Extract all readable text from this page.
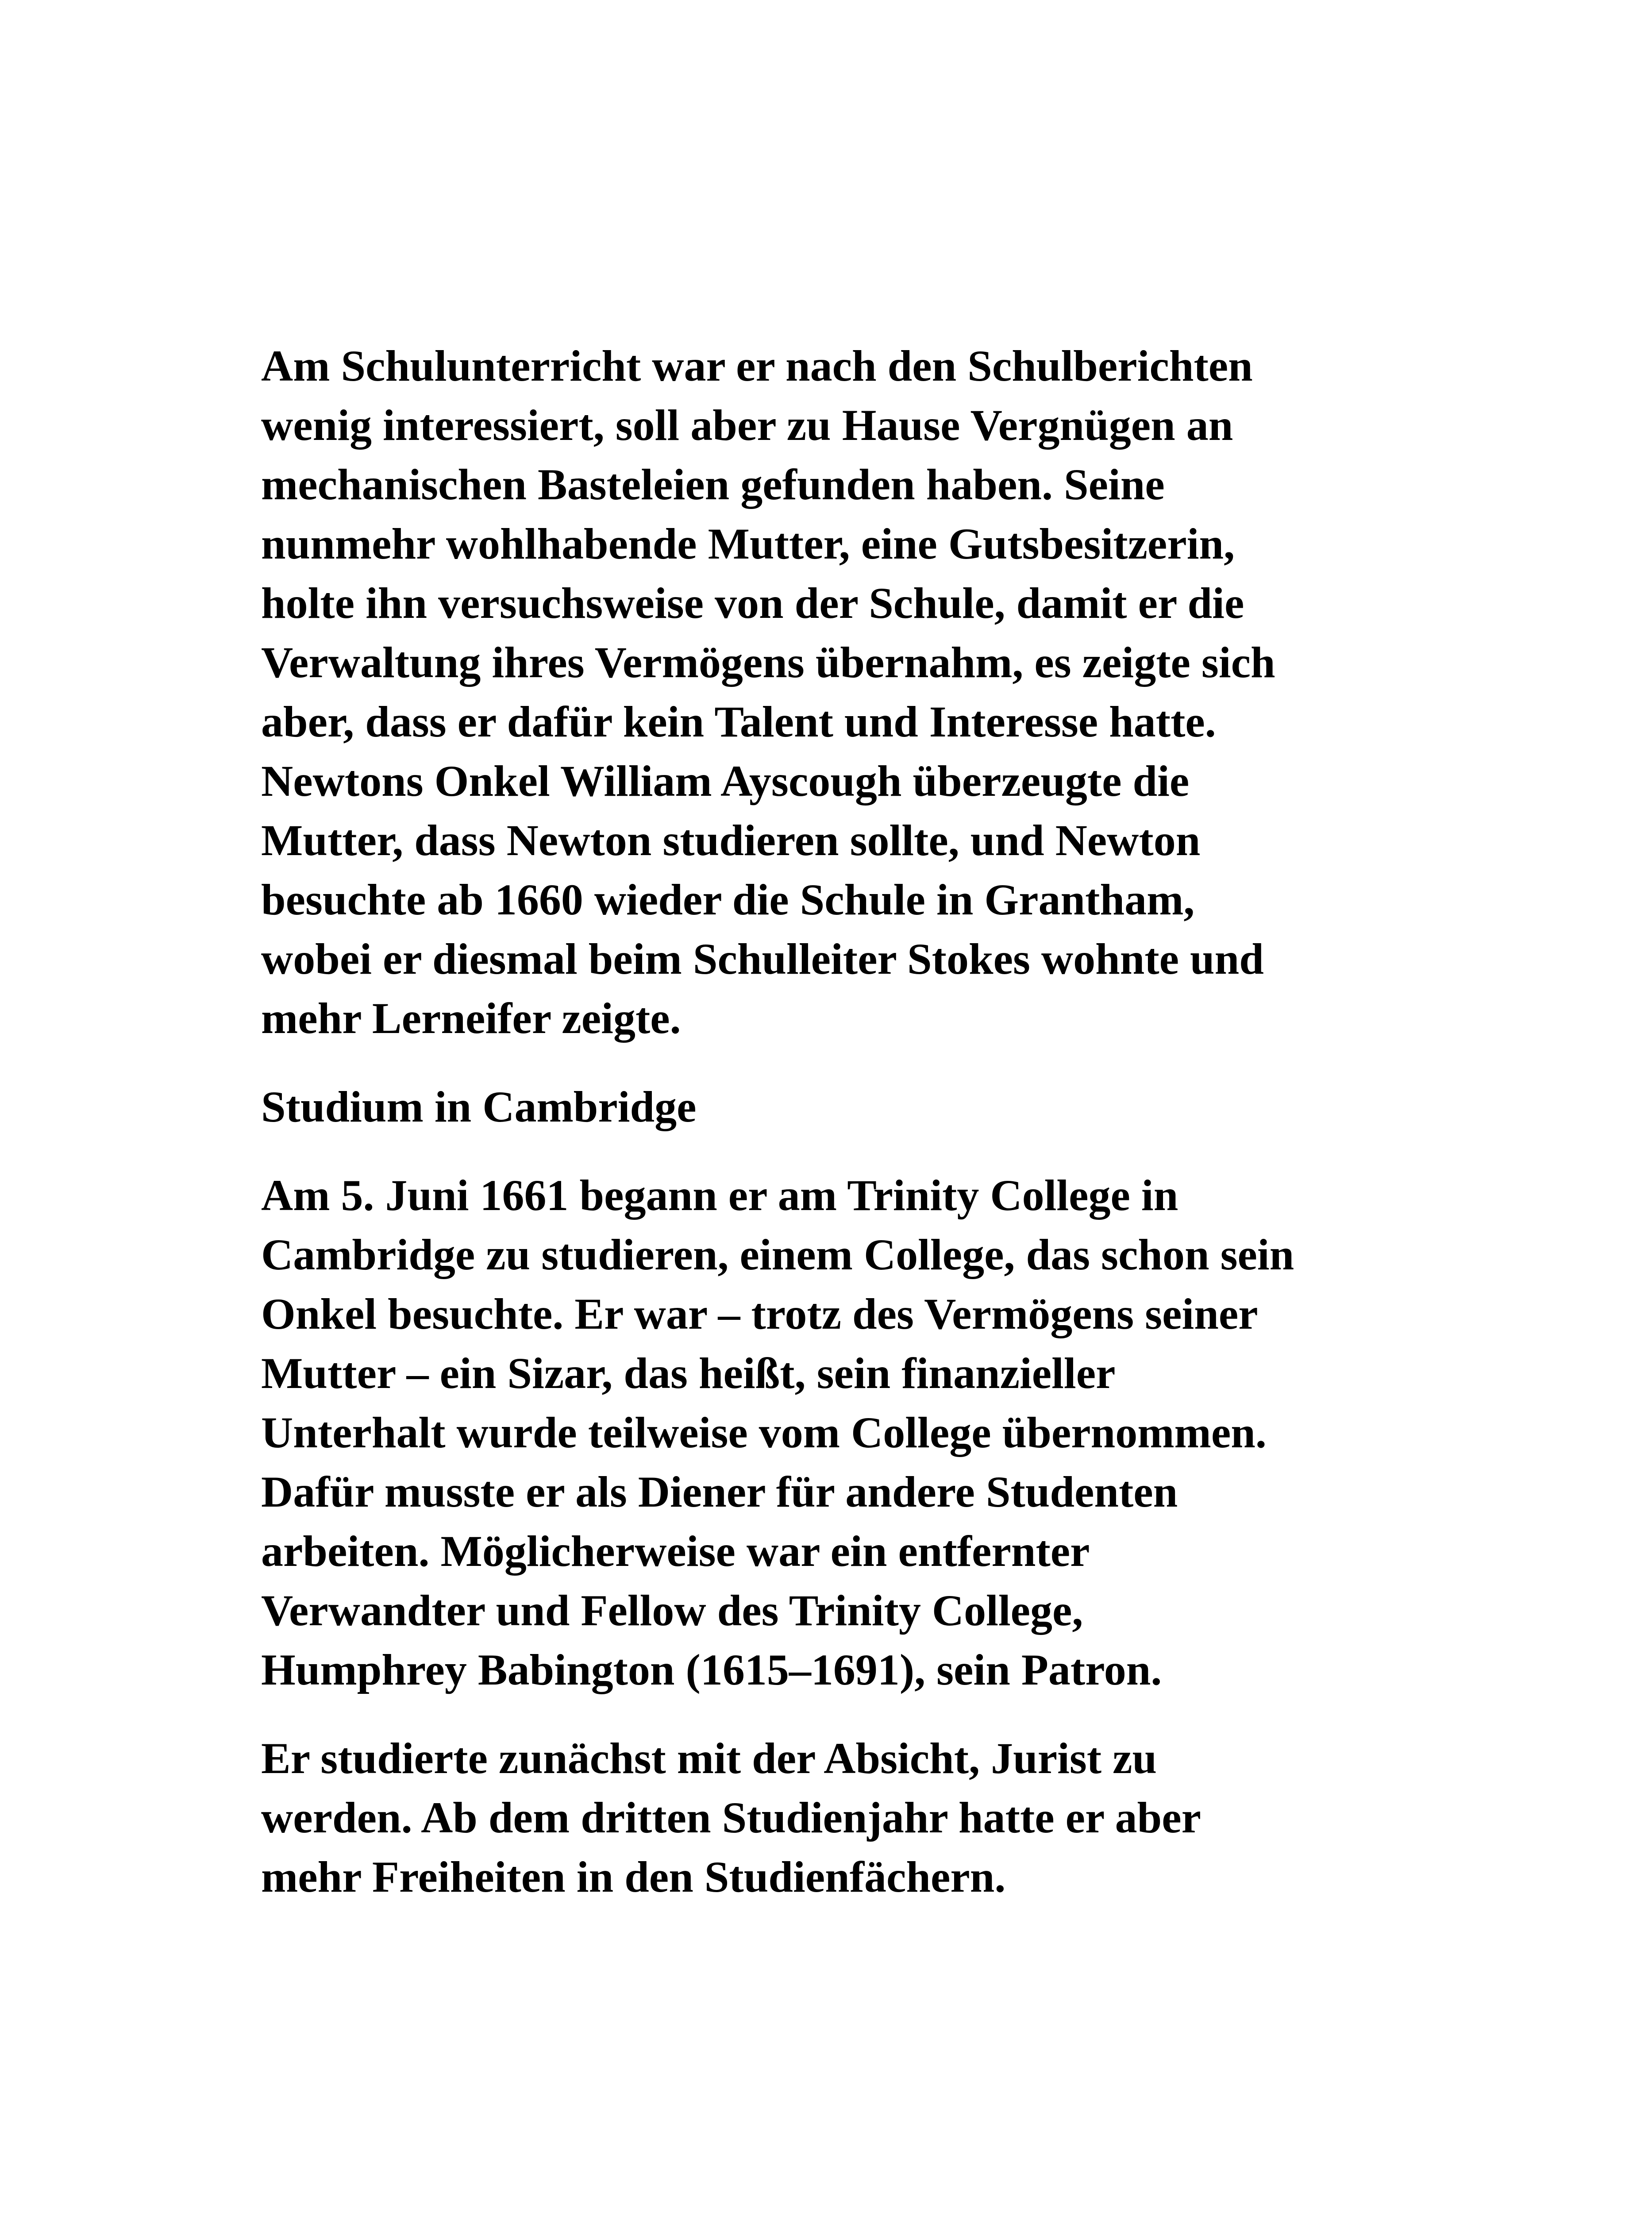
Am Schulunterricht war er nach den Schulberichten
wenig interessiert, soll aber zu Hause Vergnügen an
mechanischen Basteleien gefunden haben. Seine
nunmehr wohlhabende Mutter, eine Gutsbesitzerin,
holte ihn versuchsweise von der Schule, damit er die
Verwaltung ihres Vermögens übernahm, es zeigte sich
aber, dass er dafür kein Talent und Interesse hatte.
Newtons Onkel William Ayscough überzeugte die
Mutter, dass Newton studieren sollte, und Newton
besuchte ab 1660 wieder die Schule in Grantham,
wobei er diesmal beim Schulleiter Stokes wohnte und
mehr Lerneifer zeigte.

Studium in Cambridge

Am 5. Juni 1661 begann er am Trinity College in
Cambridge zu studieren, einem College, das schon sein
Onkel besuchte. Er war – trotz des Vermögens seiner
Mutter – ein Sizar, das heißt, sein finanzieller
Unterhalt wurde teilweise vom College übernommen.
Dafür musste er als Diener für andere Studenten
arbeiten. Möglicherweise war ein entfernter
Verwandter und Fellow des Trinity College,
Humphrey Babington (1615–1691), sein Patron.

Er studierte zunächst mit der Absicht, Jurist zu
werden. Ab dem dritten Studienjahr hatte er aber
mehr Freiheiten in den Studienfächern.
